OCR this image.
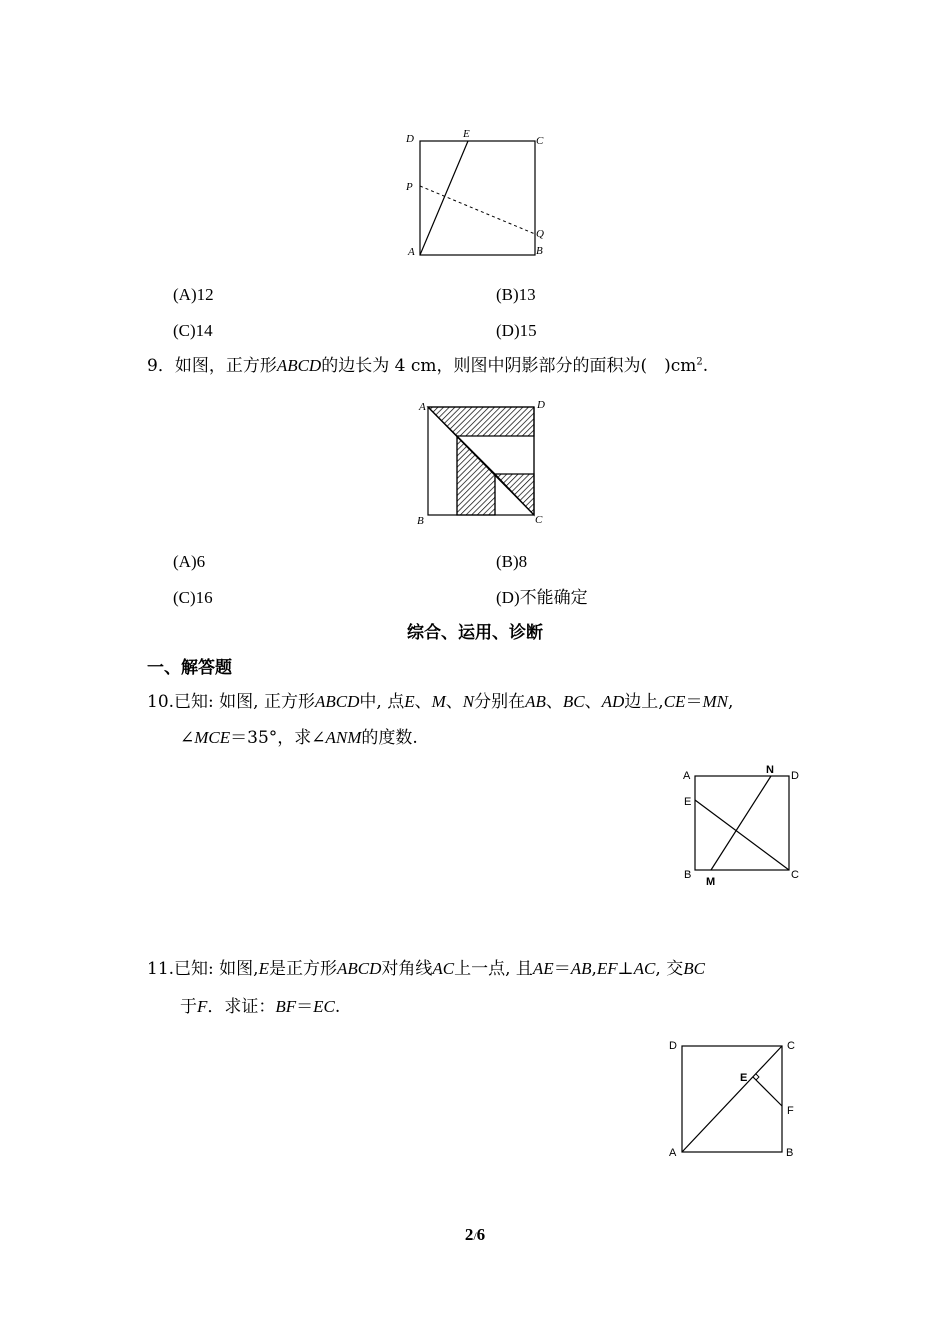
D	E
C
P
Q
A	B
(A)12	(B)13
(C)14	(D)15
9．如图，正方形ABCD的边长为 4 cm，则图中阴影部分的面积为(　)$cm^2$.
A	D
B	C
(A)6	(B)8
(C)16	(D)不能确定
综合、运用、诊断
一、解答题
10.已知: 如图, 正方形ABCD中, 点E、M、N分别在AB、BC、AD边上,CE＝MN,
∠MCE＝35°，求∠ANM的度数.
A	N D
E
B
M
C
11.已知: 如图,E是正方形ABCD对角线AC上一点, 且AE＝AB,EF⊥AC, 交BC
于F．求证：BF＝EC.
D	C
E
F
A	B
2/6
